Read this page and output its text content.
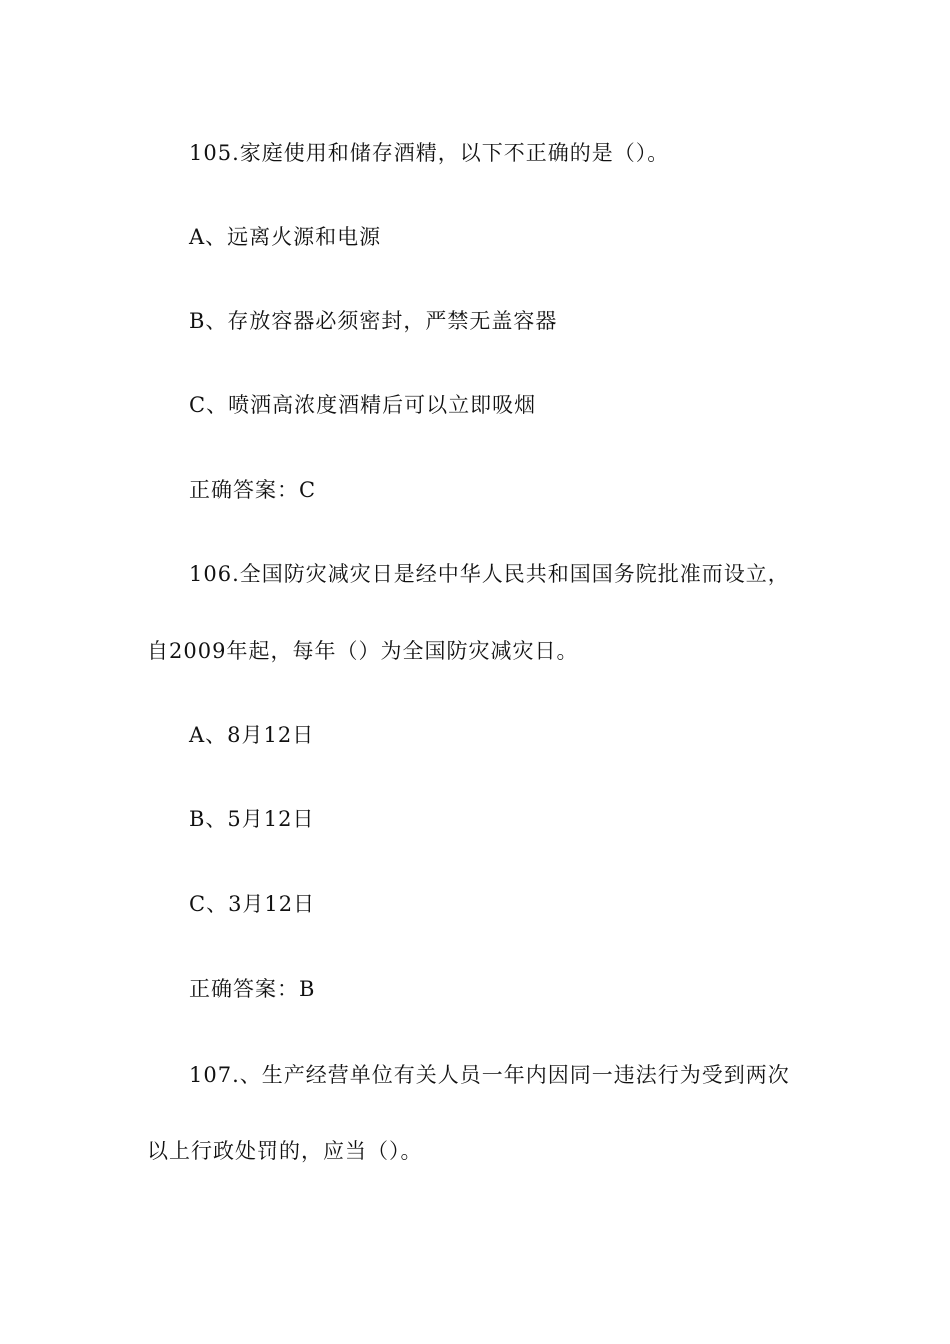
105.家庭使用和储存酒精，以下不正确的是（）。
A、远离火源和电源
B、存放容器必须密封，严禁无盖容器
C、喷洒高浓度酒精后可以立即吸烟
正确答案：C
106.全国防灾减灾日是经中华人民共和国国务院批准而设立，
自2009年起，每年（）为全国防灾减灾日。
A、8月12日
B、5月12日
C、3月12日
正确答案：B
107.、生产经营单位有关人员一年内因同一违法行为受到两次
以上行政处罚的，应当（）。
